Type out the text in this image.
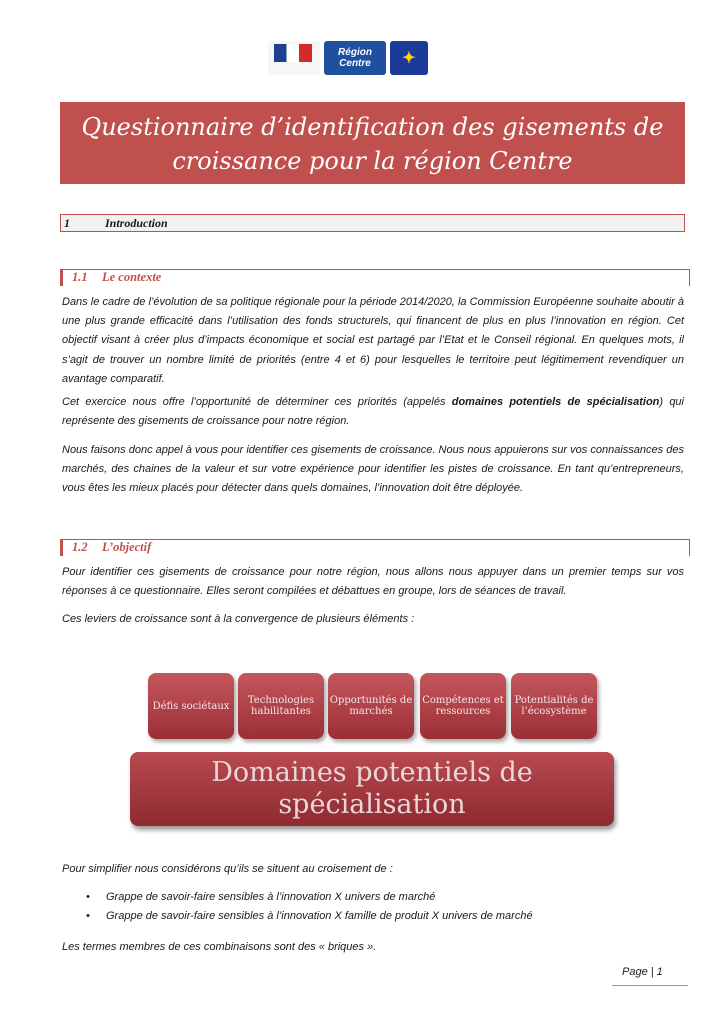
Région
Centre ✦
Questionnaire d’identification des gisements de croissance pour la région Centre
1	Introduction
1.1 Le contexte
Dans le cadre de l’évolution de sa politique régionale pour la période 2014/2020, la Commission Européenne souhaite aboutir à une plus grande efficacité dans l’utilisation des fonds structurels, qui financent de plus en plus l’innovation en région. Cet objectif visant à créer plus d’impacts économique et social est partagé par l’Etat et le Conseil régional. En quelques mots, il s’agit de trouver un nombre limité de priorités (entre 4 et 6) pour lesquelles le territoire peut légitimement revendiquer un avantage comparatif.
Cet exercice nous offre l’opportunité de déterminer ces priorités (appelés domaines potentiels de spécialisation) qui représente des gisements de croissance pour notre région.
Nous faisons donc appel à vous pour identifier ces gisements de croissance. Nous nous appuierons sur vos connaissances des marchés, des chaines de la valeur et sur votre expérience pour identifier les pistes de croissance. En tant qu’entrepreneurs, vous êtes les mieux placés pour détecter dans quels domaines, l’innovation doit être déployée.
1.2 L’objectif
Pour identifier ces gisements de croissance pour notre région, nous allons nous appuyer dans un premier temps sur vos réponses à ce questionnaire. Elles seront compilées et débattues en groupe, lors de séances de travail.
Ces leviers de croissance sont à la convergence de plusieurs éléments :
Défis sociétaux	Technologies habilitantes
Opportunités de marchés
Compétences et ressources
Potentialités de l’écosystème
Domaines potentiels de
spécialisation
Pour simplifier nous considérons qu’ils se situent au croisement de :
• Grappe de savoir-faire sensibles à l’innovation X univers de marché
• Grappe de savoir-faire sensibles à l’innovation X famille de produit X univers de marché
Les termes membres de ces combinaisons sont des « briques ».
Page | 1
